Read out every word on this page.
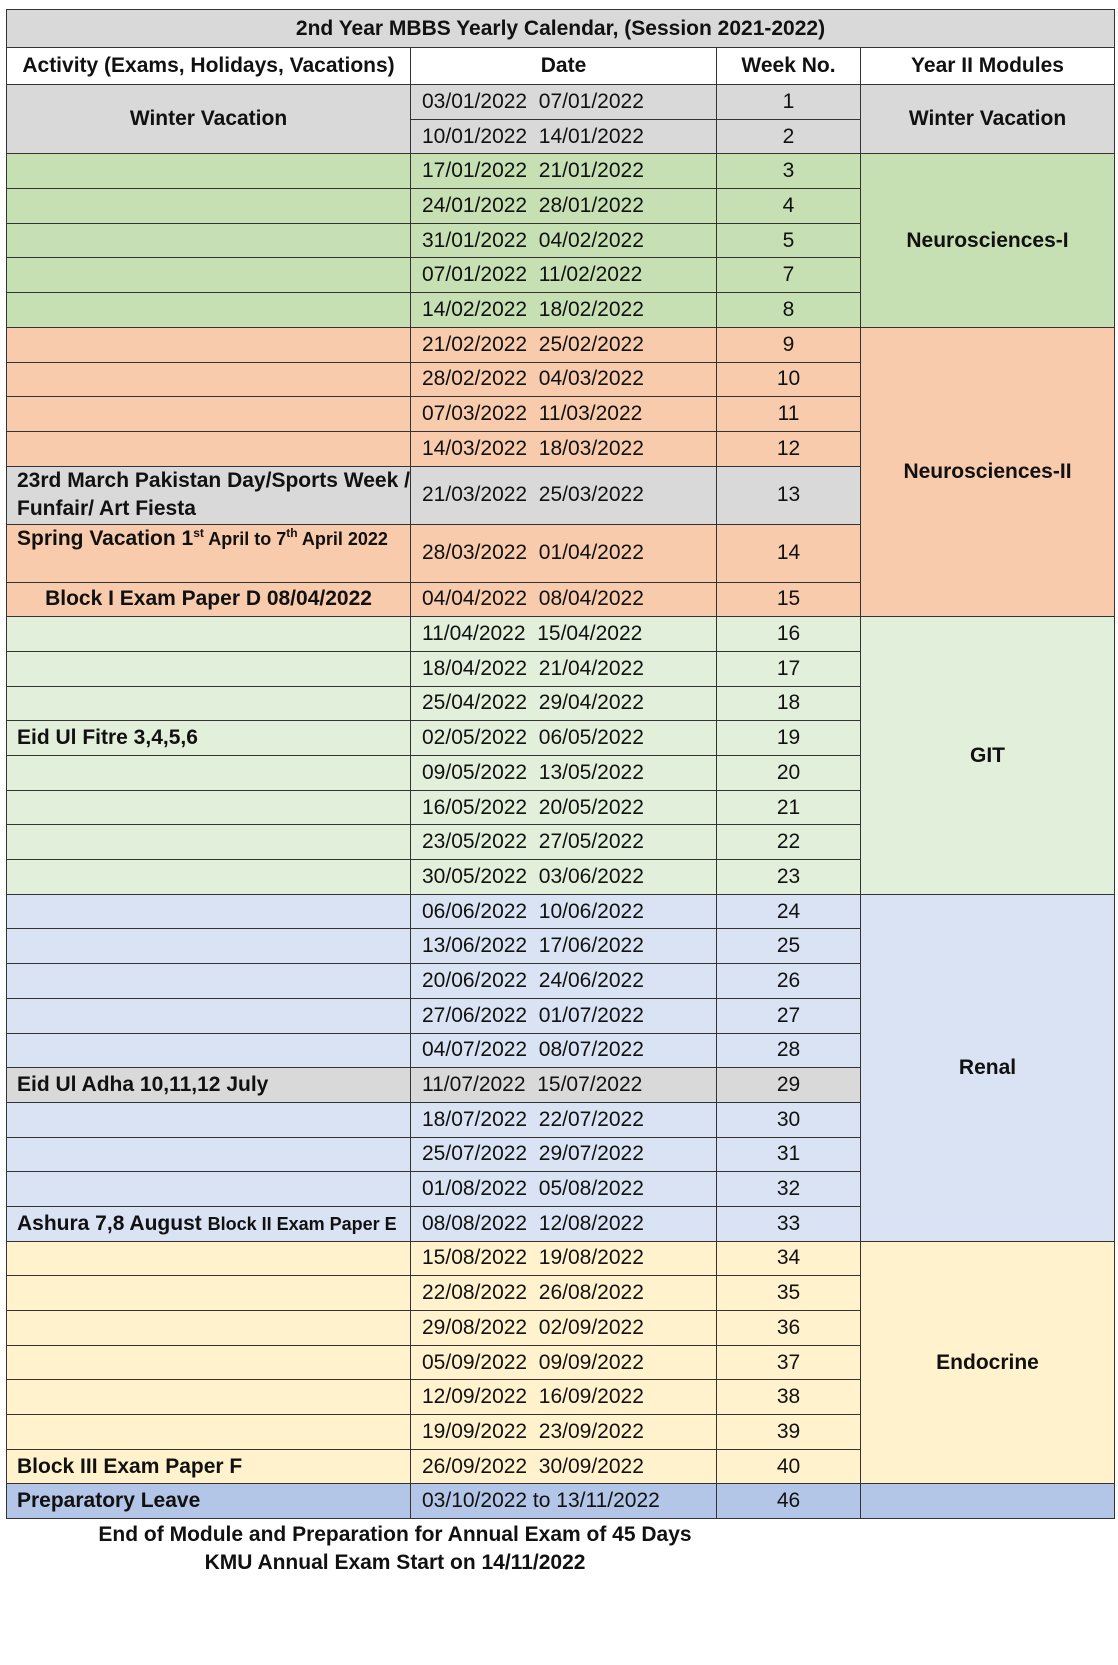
2nd Year MBBS Yearly Calendar, (Session 2021-2022)			
Activity (Exams, Holidays, Vacations)	Date	Week No.	Year II Modules
Winter Vacation	03/01/2022  07/01/2022	1	Winter Vacation
	10/01/2022  14/01/2022	2	
	17/01/2022  21/01/2022	3	Neurosciences-I
	24/01/2022  28/01/2022	4	
	31/01/2022  04/02/2022	5	
	07/01/2022  11/02/2022	7	
	14/02/2022  18/02/2022	8	
	21/02/2022  25/02/2022	9	Neurosciences-II
	28/02/2022  04/03/2022	10	
	07/03/2022  11/03/2022	11	
	14/03/2022  18/03/2022	12	

23rd March Pakistan Day/Sports Week / Funfair/ Art Fiesta	21/03/2022  25/03/2022	13	

Spring Vacation 1st April to 7th April 2022	28/03/2022  01/04/2022	14	
Block I Exam Paper D 08/04/2022	04/04/2022  08/04/2022	15	
	11/04/2022  15/04/2022	16	GIT
	18/04/2022  21/04/2022	17	
	25/04/2022  29/04/2022	18	
Eid Ul Fitre 3,4,5,6	02/05/2022  06/05/2022	19	
	09/05/2022  13/05/2022	20	
	16/05/2022  20/05/2022	21	
	23/05/2022  27/05/2022	22	
	30/05/2022  03/06/2022	23	
	06/06/2022  10/06/2022	24	Renal
	13/06/2022  17/06/2022	25	
	20/06/2022  24/06/2022	26	
	27/06/2022  01/07/2022	27	
	04/07/2022  08/07/2022	28	
Eid Ul Adha 10,11,12 July	11/07/2022  15/07/2022	29	
	18/07/2022  22/07/2022	30	
	25/07/2022  29/07/2022	31	
	01/08/2022  05/08/2022	32	
Ashura 7,8 August Block II Exam Paper E	08/08/2022  12/08/2022	33	
	15/08/2022  19/08/2022	34	Endocrine
	22/08/2022  26/08/2022	35	
	29/08/2022  02/09/2022	36	
	05/09/2022  09/09/2022	37	
	12/09/2022  16/09/2022	38	
	19/09/2022  23/09/2022	39	
Block III Exam Paper F	26/09/2022  30/09/2022	40	
Preparatory Leave	03/10/2022 to 13/11/2022	46	
End of Module and Preparation for Annual Exam of 45 Days
KMU Annual Exam Start on 14/11/2022
